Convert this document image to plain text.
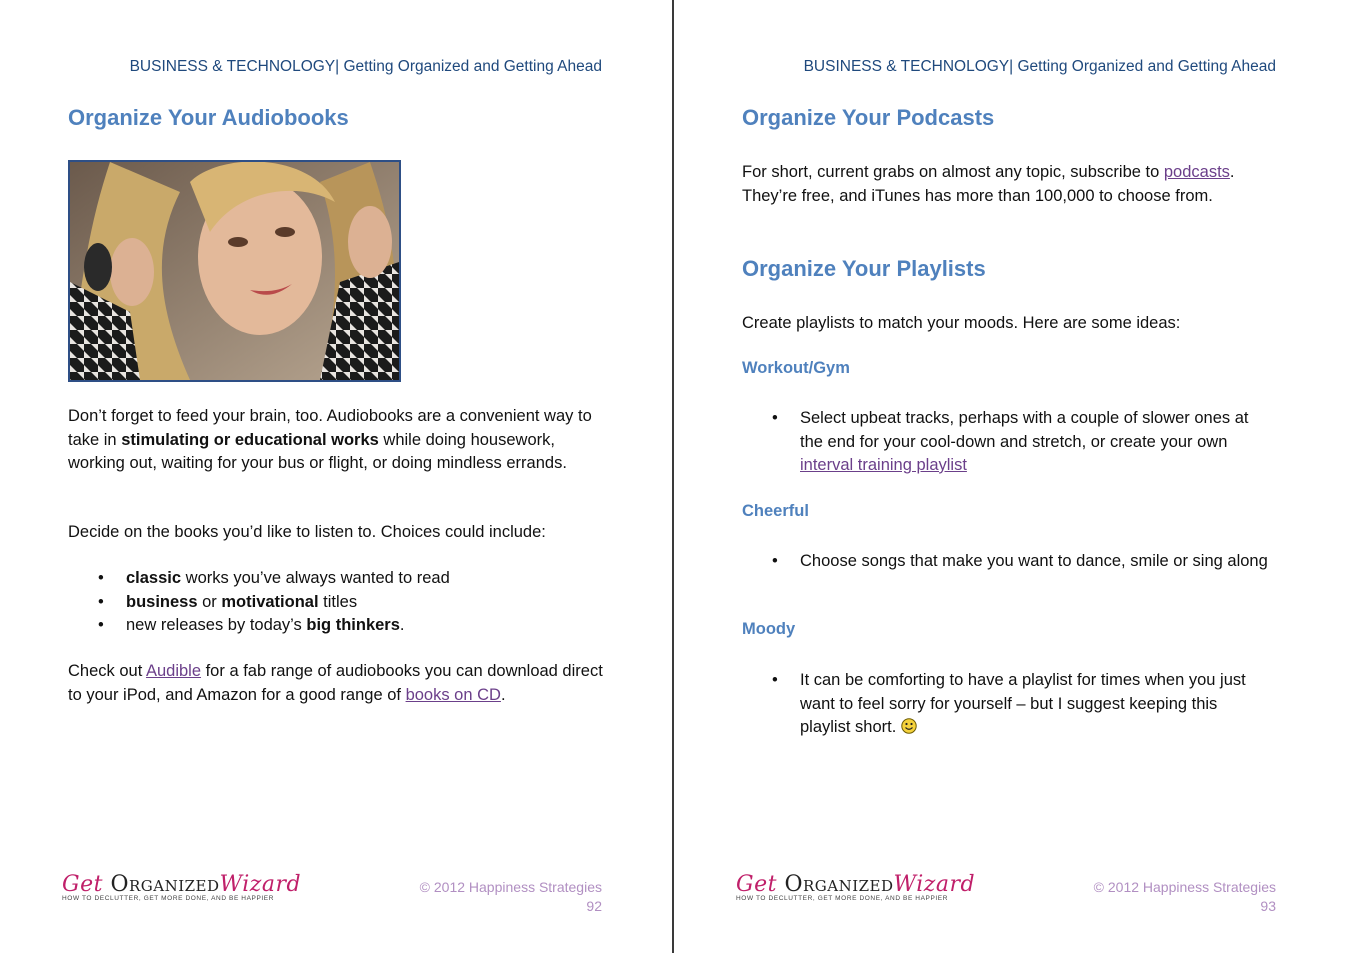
BUSINESS & TECHNOLOGY| Getting Organized and Getting Ahead
Organize Your Audiobooks

Don’t forget to feed your brain, too. Audiobooks are a convenient way to take in stimulating or educational works while doing housework, working out, waiting for your bus or flight, or doing mindless errands.

Decide on the books you’d like to listen to. Choices could include:

• classic works you’ve always wanted to read
• business or motivational titles
• new releases by today’s big thinkers.

Check out Audible for a fab range of audiobooks you can download direct to your iPod, and Amazon for a good range of books on CD.

Get OrganizedWizard
HOW TO DECLUTTER, GET MORE DONE, AND BE HAPPIER
© 2012 Happiness Strategies
92
BUSINESS & TECHNOLOGY| Getting Organized and Getting Ahead
Organize Your Podcasts

For short, current grabs on almost any topic, subscribe to podcasts. They’re free, and iTunes has more than 100,000 to choose from.

Organize Your Playlists

Create playlists to match your moods. Here are some ideas:

Workout/Gym
• Select upbeat tracks, perhaps with a couple of slower ones at the end for your cool-down and stretch, or create your own interval training playlist
Cheerful
• Choose songs that make you want to dance, smile or sing along
Moody
• It can be comforting to have a playlist for times when you just want to feel sorry for yourself – but I suggest keeping this playlist short.
Get OrganizedWizard
HOW TO DECLUTTER, GET MORE DONE, AND BE HAPPIER
© 2012 Happiness Strategies
93
